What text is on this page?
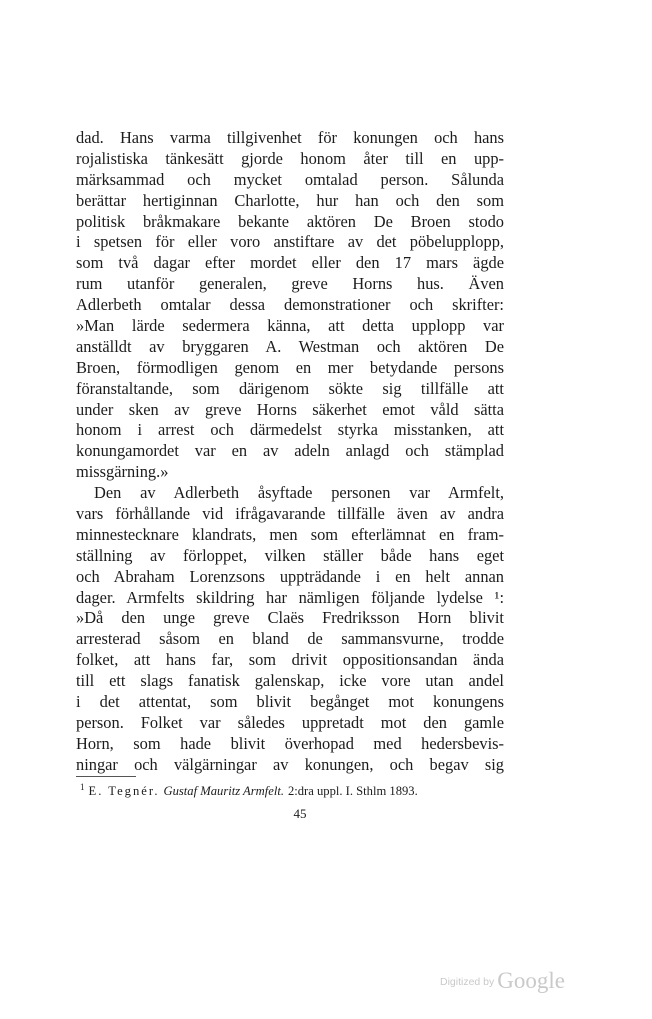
dad. Hans varma tillgivenhet för konungen och hans
rojalistiska tänkesätt gjorde honom åter till en upp-
märksammad och mycket omtalad person. Sålunda
berättar hertiginnan Charlotte, hur han och den som
politisk bråkmakare bekante aktören De Broen stodo
i spetsen för eller voro anstiftare av det pöbelupplopp,
som två dagar efter mordet eller den 17 mars ägde
rum utanför generalen, greve Horns hus. Även
Adlerbeth omtalar dessa demonstrationer och skrifter:
»Man lärde sedermera känna, att detta upplopp var
anställdt av bryggaren A. Westman och aktören De
Broen, förmodligen genom en mer betydande persons
föranstaltande, som därigenom sökte sig tillfälle att
under sken av greve Horns säkerhet emot våld sätta
honom i arrest och därmedelst styrka misstanken, att
konungamordet var en av adeln anlagd och stämplad
missgärning.»
Den av Adlerbeth åsyftade personen var Armfelt,
vars förhållande vid ifrågavarande tillfälle även av andra
minnestecknare klandrats, men som efterlämnat en fram-
ställning av förloppet, vilken ställer både hans eget
och Abraham Lorenzsons uppträdande i en helt annan
dager. Armfelts skildring har nämligen följande lydelse ¹:
»Då den unge greve Claës Fredriksson Horn blivit
arresterad såsom en bland de sammansvurne, trodde
folket, att hans far, som drivit oppositionsandan ända
till ett slags fanatisk galenskap, icke vore utan andel
i det attentat, som blivit begånget mot konungens
person. Folket var således uppretadt mot den gamle
Horn, som hade blivit överhopad med hedersbevis-
ningar och välgärningar av konungen, och begav sig
$^1$ E. Tegnér. Gustaf Mauritz Armfelt. 2:dra uppl. I. Sthlm 1893.
45
Digitized by Google
